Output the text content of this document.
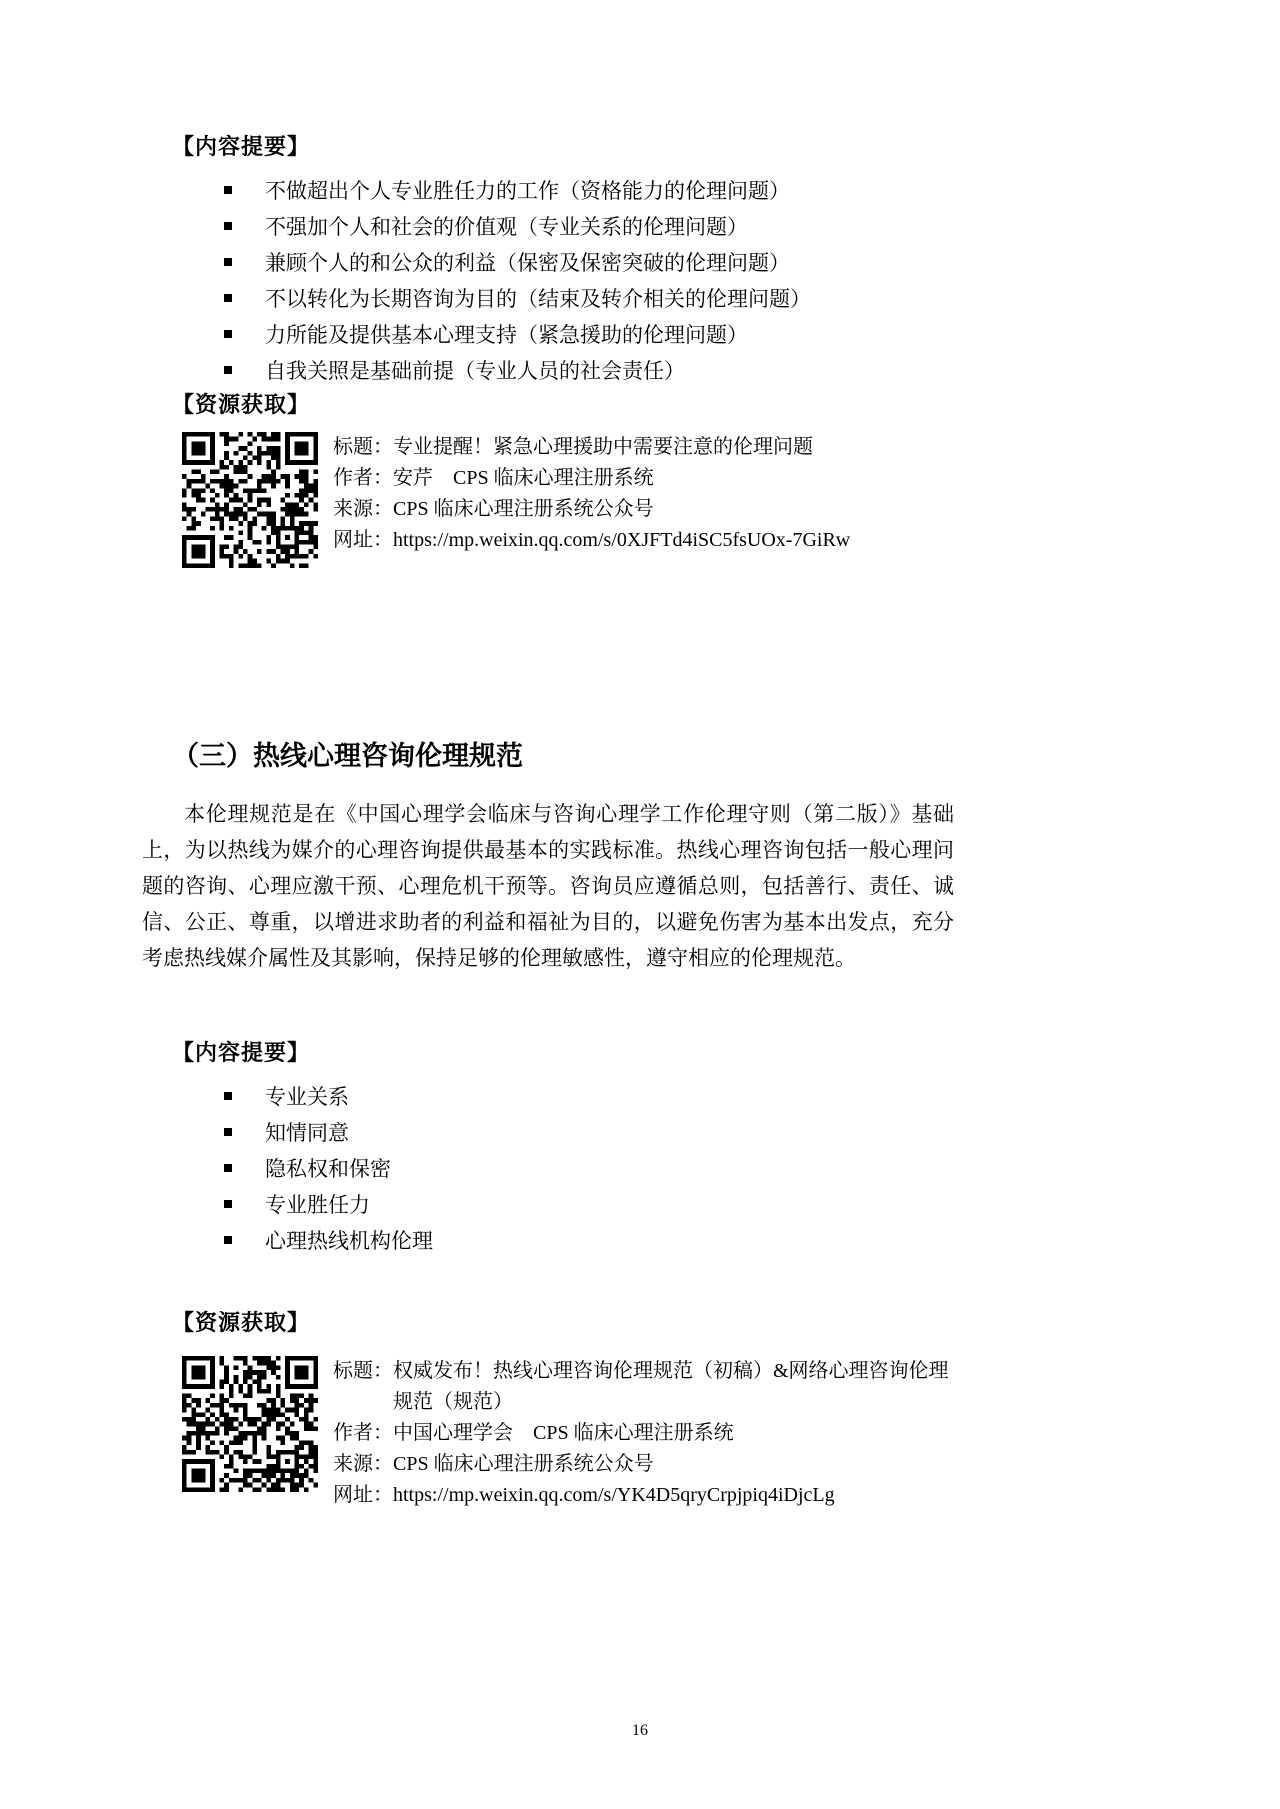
【内容提要】
不做超出个人专业胜任力的工作（资格能力的伦理问题）
不强加个人和社会的价值观（专业关系的伦理问题）
兼顾个人的和公众的利益（保密及保密突破的伦理问题）
不以转化为长期咨询为目的（结束及转介相关的伦理问题）
力所能及提供基本心理支持（紧急援助的伦理问题）
自我关照是基础前提（专业人员的社会责任）
【资源获取】
标题： 专业提醒！紧急心理援助中需要注意的伦理问题
作者： 安芹　CPS 临床心理注册系统
来源： CPS 临床心理注册系统公众号
网址： https://mp.weixin.qq.com/s/0XJFTd4iSC5fsUOx-7GiRw
（三）热线心理咨询伦理规范
本伦理规范是在《中国心理学会临床与咨询心理学工作伦理守则（第二版）》基础上，为以热线为媒介的心理咨询提供最基本的实践标准。热线心理咨询包括一般心理问题的咨询、心理应激干预、心理危机干预等。咨询员应遵循总则，包括善行、责任、诚信、公正、尊重，以增进求助者的利益和福祉为目的，以避免伤害为基本出发点，充分考虑热线媒介属性及其影响，保持足够的伦理敏感性，遵守相应的伦理规范。
【内容提要】
专业关系
知情同意
隐私权和保密
专业胜任力
心理热线机构伦理
【资源获取】
标题： 权威发布！热线心理咨询伦理规范（初稿）&网络心理咨询伦理规范（规范）
作者： 中国心理学会　CPS 临床心理注册系统
来源： CPS 临床心理注册系统公众号
网址： https://mp.weixin.qq.com/s/YK4D5qryCrpjpiq4iDjcLg
16
